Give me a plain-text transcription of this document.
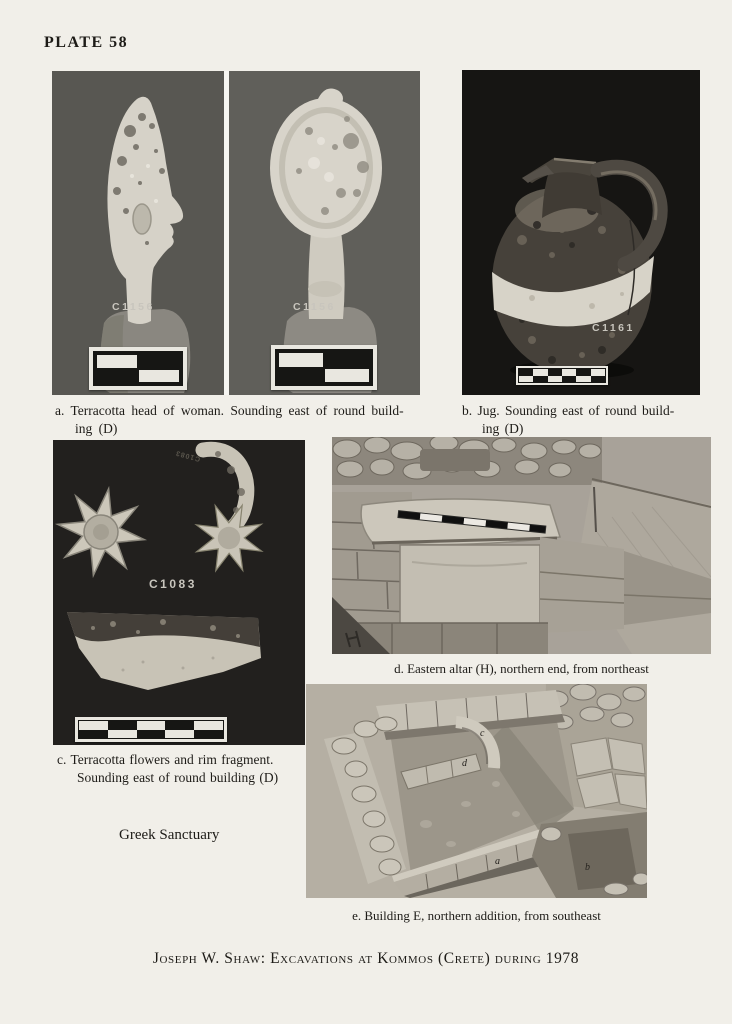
PLATE 58
C1156	C1156
a. Terracotta head of woman. Sounding east of round build-
ing (D)
C1161
b. Jug. Sounding east of round build-
ing (D)
C1083
C1083
c. Terracotta flowers and rim fragment.
Sounding east of round building (D)
d. Eastern altar (H), northern end, from northeast
a
b
c
d
e. Building E, northern addition, from southeast
Greek Sanctuary
Joseph W. Shaw: Excavations at Kommos (Crete) during 1978
